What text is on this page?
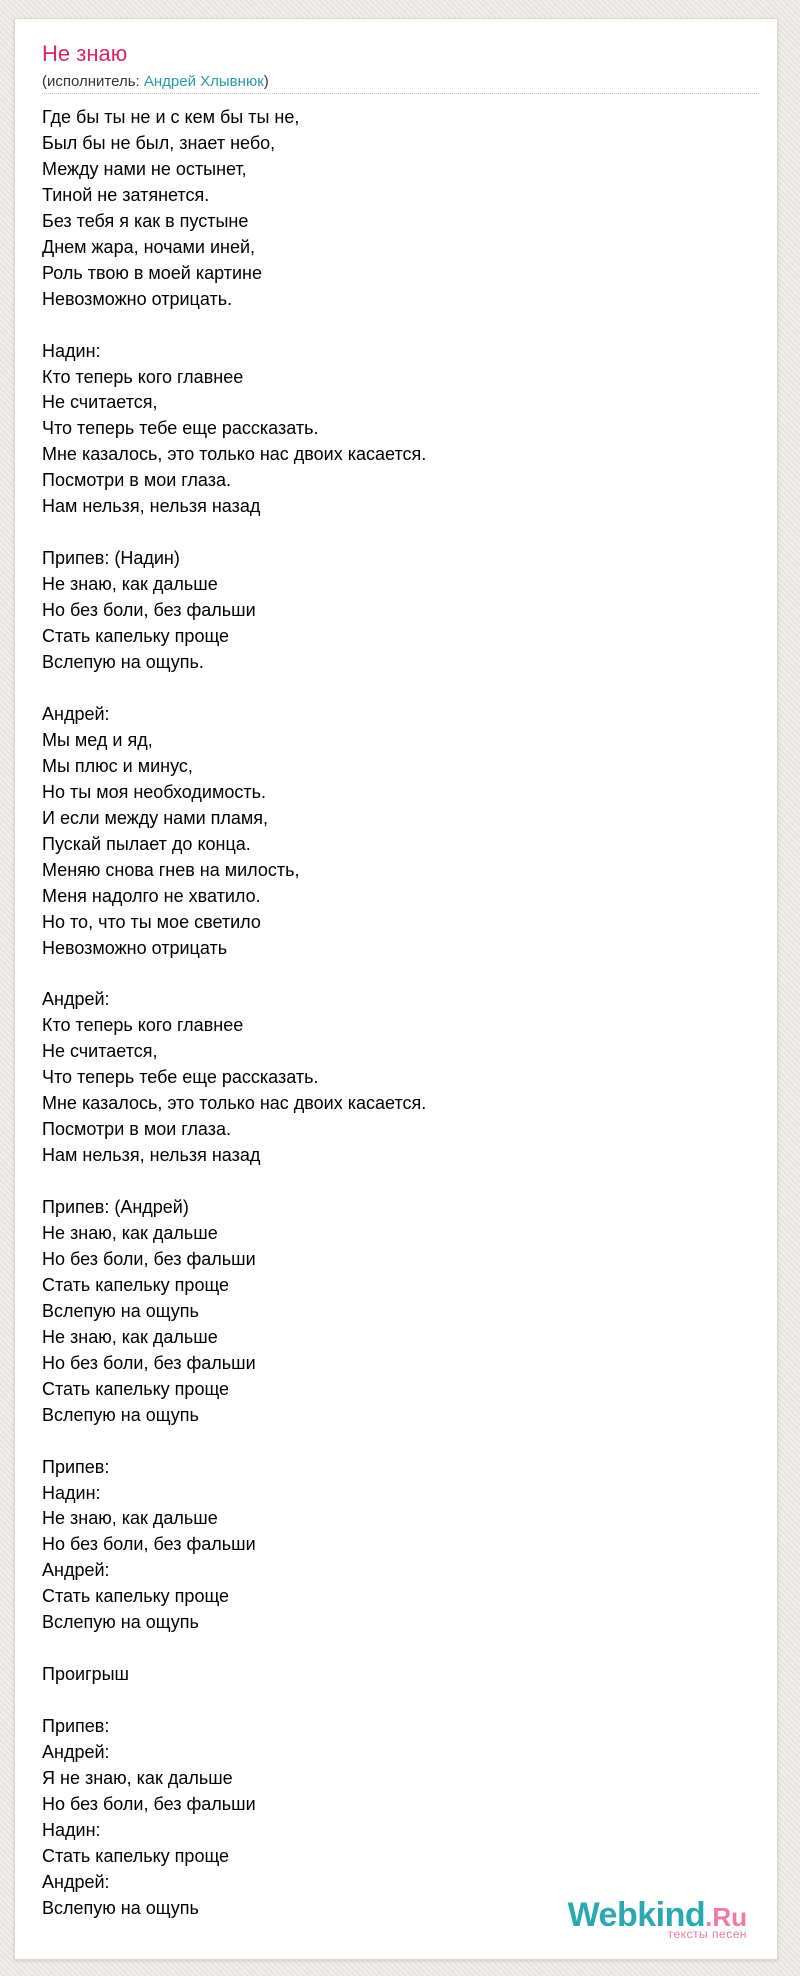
Не знаю
(исполнитель: Андрей Хлывнюк)
Где бы ты не и с кем бы ты не,
Был бы не был, знает небо,
Между нами не остынет,
Тиной не затянется.
Без тебя я как в пустыне
Днем жара, ночами иней,
Роль твою в моей картине
Невозможно отрицать.

Надин:
Кто теперь кого главнее
Не считается,
Что теперь тебе еще рассказать.
Мне казалось, это только нас двоих касается.
Посмотри в мои глаза.
Нам нельзя, нельзя назад

Припев: (Надин)
Не знаю, как дальше
Но без боли, без фальши
Стать капельку проще
Вслепую на ощупь.

Андрей:
Мы мед и яд,
Мы плюс и минус,
Но ты моя необходимость.
И если между нами пламя,
Пускай пылает до конца.
Меняю снова гнев на милость,
Меня надолго не хватило.
Но то, что ты мое светило
Невозможно отрицать

Андрей:
Кто теперь кого главнее
Не считается,
Что теперь тебе еще рассказать.
Мне казалось, это только нас двоих касается.
Посмотри в мои глаза.
Нам нельзя, нельзя назад

Припев: (Андрей)
Не знаю, как дальше
Но без боли, без фальши
Стать капельку проще
Вслепую на ощупь
Не знаю, как дальше
Но без боли, без фальши
Стать капельку проще
Вслепую на ощупь

Припев:
Надин:
Не знаю, как дальше
Но без боли, без фальши
Андрей:
Стать капельку проще
Вслепую на ощупь

Проигрыш

Припев:
Андрей:
Я не знаю, как дальше
Но без боли, без фальши
Надин:
Стать капельку проще
Андрей:
Вслепую на ощупь	Webkind.Ru
тексты песен
